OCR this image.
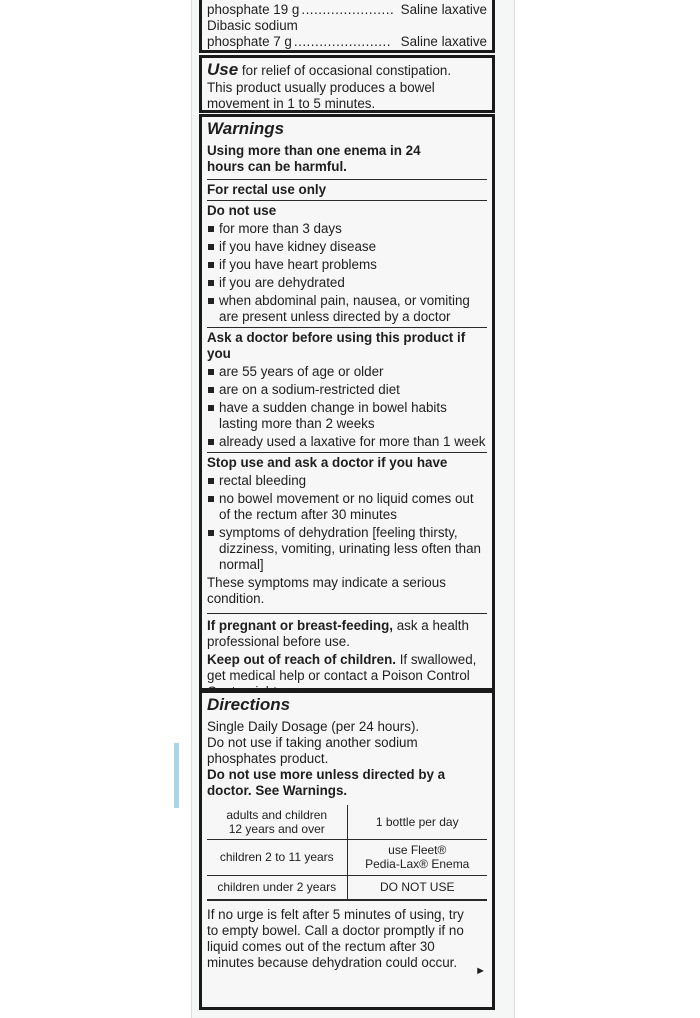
phosphate 19 g ...................... Saline laxative
Dibasic sodium
phosphate 7 g ....................... Saline laxative
Use for relief of occasional constipation.
This product usually produces a bowel
movement in 1 to 5 minutes.
Warnings
Using more than one enema in 24
hours can be harmful.
For rectal use only
Do not use
for more than 3 days
if you have kidney disease
if you have heart problems
if you are dehydrated
when abdominal pain, nausea, or vomiting are present unless directed by a doctor
Ask a doctor before using this product if you
are 55 years of age or older
are on a sodium-restricted diet
have a sudden change in bowel habits lasting more than 2 weeks
already used a laxative for more than 1 week
Stop use and ask a doctor if you have
rectal bleeding
no bowel movement or no liquid comes out of the rectum after 30 minutes
symptoms of dehydration [feeling thirsty, dizziness, vomiting, urinating less often than normal]
These symptoms may indicate a serious condition.
If pregnant or breast-feeding, ask a health professional before use.
Keep out of reach of children. If swallowed, get medical help or contact a Poison Control
Directions
Single Daily Dosage (per 24 hours).
Do not use if taking another sodium phosphates product.
Do not use more unless directed by a doctor. See Warnings.
adults and children
12 years and over	1 bottle per day

children 2 to 11 years	use Fleet®
Pedia-Lax® Enema

children under 2 years	DO NOT USE
If no urge is felt after 5 minutes of using, try to empty bowel. Call a doctor promptly if no liquid comes out of the rectum after 30 minutes because dehydration could occur.
►
